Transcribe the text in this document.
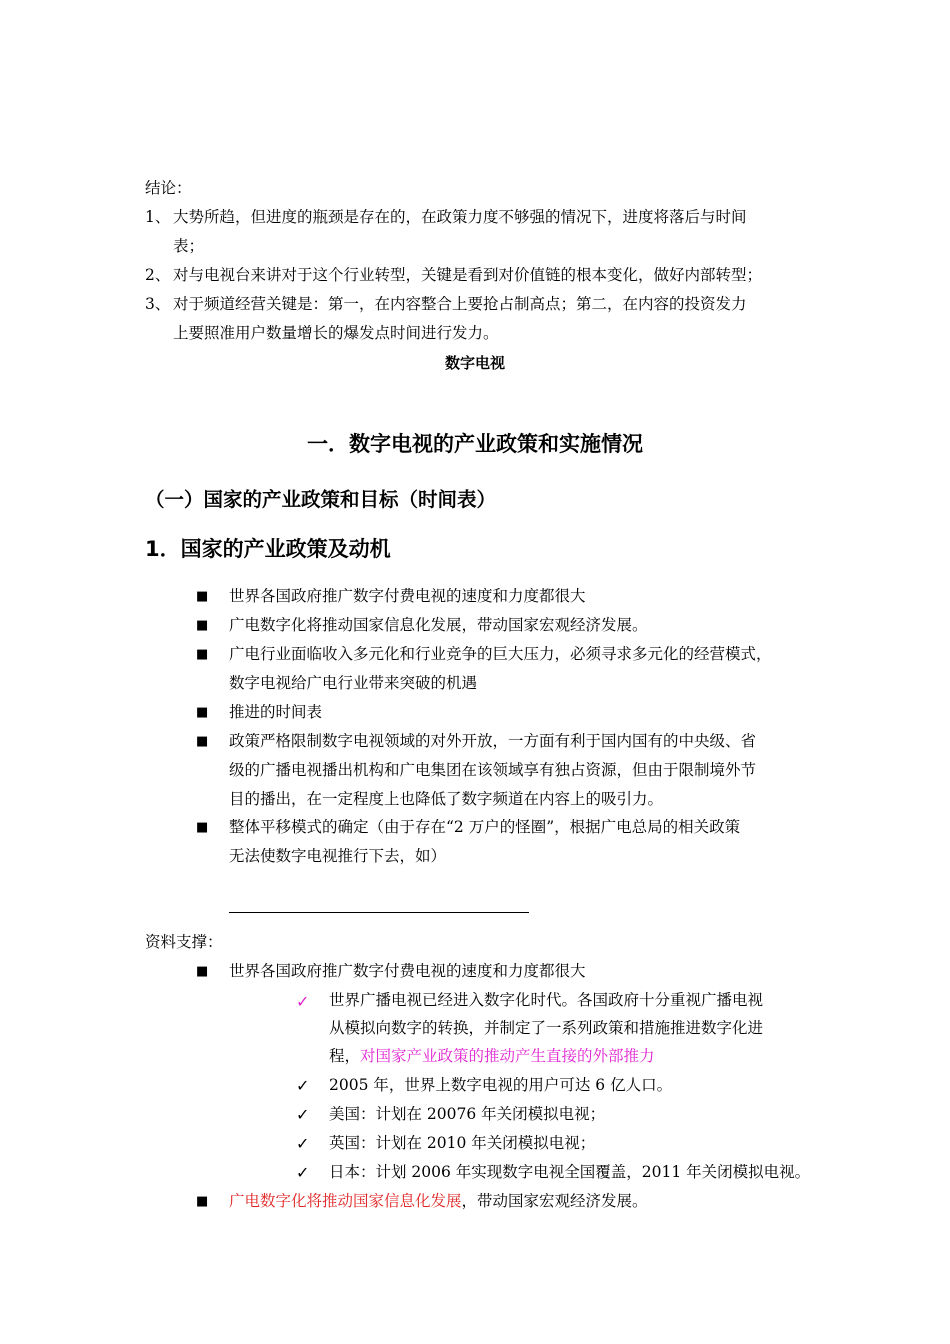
结论：
1、 大势所趋，但进度的瓶颈是存在的，在政策力度不够强的情况下，进度将落后与时间
表；
2、 对与电视台来讲对于这个行业转型，关键是看到对价值链的根本变化，做好内部转型；
3、 对于频道经营关键是：第一，在内容整合上要抢占制高点；第二，在内容的投资发力
上要照准用户数量增长的爆发点时间进行发力。
数字电视
一．数字电视的产业政策和实施情况
（一）国家的产业政策和目标（时间表）
1．国家的产业政策及动机
■ 世界各国政府推广数字付费电视的速度和力度都很大
■ 广电数字化将推动国家信息化发展，带动国家宏观经济发展。
■ 广电行业面临收入多元化和行业竞争的巨大压力，必须寻求多元化的经营模式，
数字电视给广电行业带来突破的机遇
■ 推进的时间表
■ 政策严格限制数字电视领域的对外开放，一方面有利于国内国有的中央级、省
级的广播电视播出机构和广电集团在该领域享有独占资源，但由于限制境外节
目的播出，在一定程度上也降低了数字频道在内容上的吸引力。
■ 整体平移模式的确定（由于存在“2 万户的怪圈”，根据广电总局的相关政策
无法使数字电视推行下去，如）
资料支撑：
■ 世界各国政府推广数字付费电视的速度和力度都很大
✓ 世界广播电视已经进入数字化时代。各国政府十分重视广播电视
从模拟向数字的转换，并制定了一系列政策和措施推进数字化进
程，对国家产业政策的推动产生直接的外部推力
✓ 2005 年，世界上数字电视的用户可达 6 亿人口。
✓ 美国：计划在 20076 年关闭模拟电视；
✓ 英国：计划在 2010 年关闭模拟电视；
✓ 日本：计划 2006 年实现数字电视全国覆盖，2011 年关闭模拟电视。
■ 广电数字化将推动国家信息化发展，带动国家宏观经济发展。
